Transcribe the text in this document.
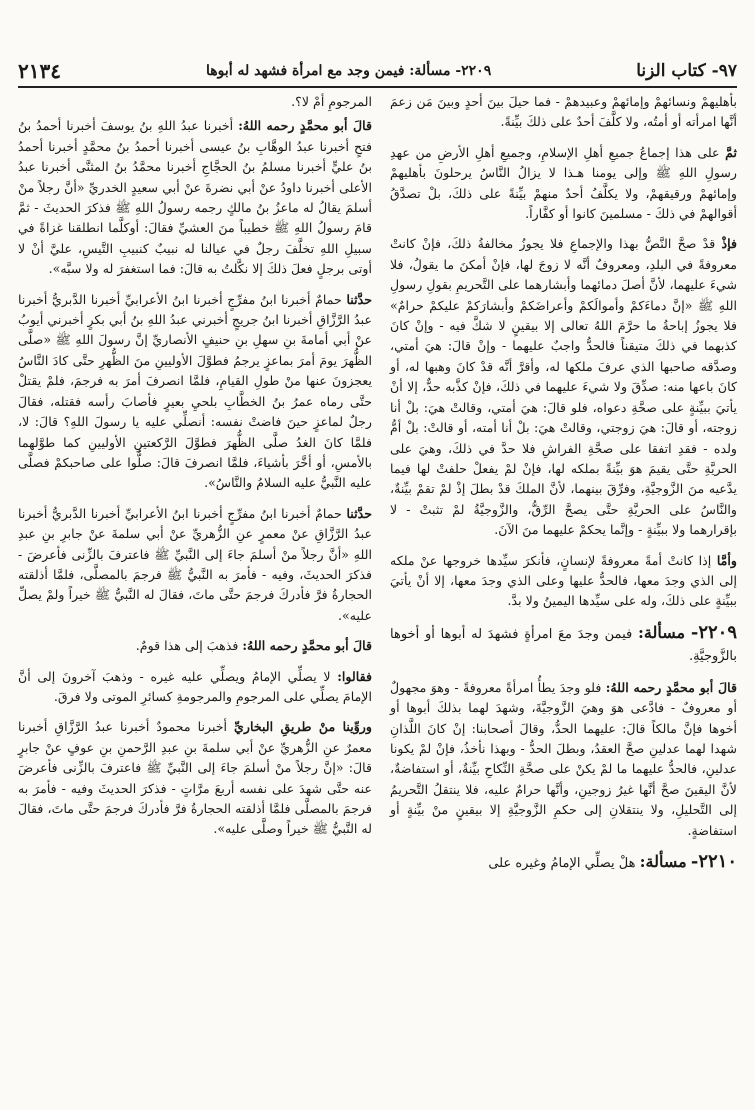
٩٧- كتاب الزنا
٢٢٠٩- مسألة: فيمن وجد مع امرأة فشهد له أبوها
٢١٣٤

بأهليهمْ ونسائهمْ وإمائهمْ وعبيدهمْ - فما حيلَ بينَ أحدٍ وبينَ مَن زعمَ أنَّها امرأته أو أمتُه، ولا كلَّفَ أحدٌ على ذلكَ بيِّنةً.

ثمَّ على هذا إجماعُ جميعِ أهلِ الإسلامِ، وجميعِ أهلِ الأرضِ من عهدِ رسولِ اللهِ ﷺ وإلى يومنا هـذا لا يزالُ النَّاسُ يرحلونَ بأهليهمْ وإمائهمْ ورقيقهمْ، ولا يكلَّفُ أحدٌ منهمْ بيِّنةً على ذلكَ، بلْ تصدَّقُ أقوالهمْ في ذلكَ - مسلمينَ كانوا أو كفَّاراً.

فإذْ قدْ صحَّ النَّصُّ بهذا والإجماعِ فلا يجوزُ مخالفةُ ذلكَ، فإنْ كانتْ معروفةً في البلدِ، ومعروفٌ أنَّه لا زوجَ لها، فإنْ أمكنَ ما يقولُ، فلا شيءَ عليهما، لأنَّ أصلَ دمائهما وأبشارهما على التَّحريمِ بقولِ رسولِ اللهِ ﷺ «إنَّ دماءَكمْ وأموالَكمْ وأعراضَكمْ وأبشارَكمْ عليكمْ حرامٌ» فلا يجوزُ إباحةُ ما حرَّمَ اللهُ تعالى إلا بيقينٍ لا شكَّ فيه - وإنْ كانَ كذبهما في ذلكَ متيقناً فالحدُّ واجبٌ عليهما - وإنْ قالَ: هيَ أمتي، وصدَّقه صاحبها الذي عرفَ ملكها له، وأقرَّ أنَّه قدْ كانَ وهبها له، أو كانَ باعها منه: صدِّقَ ولا شيءَ عليهما في ذلكَ، فإنْ كذَّبه حدٌّ، إلا أنْ يأتيَ ببيِّنةٍ على صحَّةِ دعواه، فلو قالَ: هيَ أمتي، وقالتْ هيَ: بلْ أنا زوجته، أو قالَ: هيَ زوجتي، وقالتْ هيَ: بلْ أنا أمته، أو قالتْ: بلْ أمُّ ولده - فقدِ اتفقا على صحَّةِ الفراشِ فلا حدَّ في ذلكَ، وهيَ على الحريَّةِ حتَّى يقيمَ هوَ بيِّنةً بملكه لها، فإنْ لمْ يفعلْ حلفتْ لها فيما يدَّعيه منَ الزَّوجيَّةِ، وفرِّقَ بينهما، لأنَّ الملكَ قدْ بطلَ إذْ لمْ تقمْ بيِّنةٌ، والنَّاسُ على الحريَّةِ حتَّى يصحَّ الرِّقُّ، والزَّوجيَّةُ لمْ تثبتْ - لا بإقرارهما ولا ببيِّنةٍ - وإنَّما يحكمْ عليهما منَ الآنَ.

وأمَّا إذا كانتْ أمةً معروفةً لإنسانٍ، فأنكرَ سيِّدها خروجها عنْ ملكه إلى الذي وجدَ معها، فالحدُّ عليها وعلى الذي وجدَ معها، إلا أنْ يأتيَ ببيِّنةٍ على ذلكَ، وله على سيِّدها اليمينُ ولا بدَّ.

٢٢٠٩- مسألة: فيمن وجدَ معَ امرأةٍ فشهدَ له أبوها أو أخوها بالزَّوجيَّةِ.

قالَ أبو محمَّدٍ رحمه اللهُ: فلو وجدَ يطأُ امرأةً معروفةً - وهوَ مجهولٌ أو معروفٌ - فادَّعى هوَ وهيَ الزَّوجيَّةَ، وشهدَ لهما بذلكَ أبوها أو أخوها فإنَّ مالكاً قالَ: عليهما الحدُّ، وقالَ أصحابنا: إنْ كانَ اللَّذانِ شهدا لهما عدلينِ صحَّ العقدُ، وبطلَ الحدُّ - وبهذا نأخذُ، فإنْ لمْ يكونا عدلينِ، فالحدُّ عليهما ما لمْ يكنْ على صحَّةِ النِّكاحِ بيِّنةٌ، أو استفاضةٌ، لأنَّ اليقينَ صحَّ أنَّها غيرُ زوجينِ، وأنَّها حرامٌ عليه، فلا ينتقلُ التَّحريمُ إلى التَّحليلِ، ولا ينتقلانِ إلى حكمِ الزَّوجيَّةِ إلا بيقينٍ منْ بيِّنةٍ أو استفاضةٍ.

٢٢١٠- مسألة: هلْ يصلِّي الإمامُ وغيره على

المرجومِ أمْ لا؟.

قالَ أبو محمَّدٍ رحمه اللهُ: أخبرنا عبدُ اللهِ بنُ يوسفَ أخبرنا أحمدُ بنُ فتحٍ أخبرنا عبدُ الوهَّابِ بنُ عيسى أخبرنا أحمدُ بنُ محمَّدٍ أخبرنا أحمدُ بنُ عليٍّ أخبرنا مسلمُ بنُ الحجَّاجِ أخبرنا محمَّدُ بنُ المثنَّى أخبرنا عبدُ الأعلى أخبرنا داودُ عنْ أبي نضرةَ عنْ أبي سعيدٍ الخدريِّ «أنَّ رجلاً منْ أسلمَ يقالُ له ماعزُ بنُ مالكٍ رجمه رسولُ اللهِ ﷺ فذكرَ الحديثَ - ثمَّ قامَ رسولُ اللهِ ﷺ خطيباً منَ العشيِّ فقالَ: أوكلَّما انطلقنا غزاةً في سبيلِ اللهِ تخلَّفَ رجلٌ في عيالنا له نبيبٌ كنبيبِ التَّيسِ، عليَّ أنْ لا أوتى برجلٍ فعلَ ذلكَ إلا نكَّلتُ به قالَ: فما استغفرَ له ولا سبَّه».

حدَّثنا حمامٌ أخبرنا ابنُ مفرِّجٍ أخبرنا ابنُ الأعرابيِّ أخبرنا الدَّبريُّ أخبرنا عبدُ الرَّزَّاقِ أخبرنا ابنُ جريجٍ أخبرني عبدُ اللهِ بنُ أبي بكرٍ أخبرني أيوبُ عنْ أبي أمامةَ بنِ سهلِ بنِ حنيفٍ الأنصاريِّ إنَّ رسولَ اللهِ ﷺ «صلَّى الظُّهرَ يومَ أمرَ بماعزٍ يرجمُ فطوَّلَ الأوليينِ منَ الظُّهرِ حتَّى كادَ النَّاسُ يعجزونَ عنها منْ طولِ القيامِ، فلمَّا انصرفَ أمرَ به فرجمَ، فلمْ يقتلْ حتَّى رماه عمرُ بنُ الخطَّابِ بلحيِ بعيرٍ فأصابَ رأسه فقتله، فقالَ رجلٌ لماعزٍ حينَ فاضتْ نفسه: أنصلِّي عليه يا رسولَ اللهِ؟ قالَ: لا، فلمَّا كانَ الغدُ صلَّى الظُّهرَ فطوَّلَ الرَّكعتينِ الأوليينِ كما طوَّلهما بالأمسِ، أو أخَّرَ بأشياءَ، فلمَّا انصرفَ قالَ: صلُّوا على صاحبكمْ فصلَّى عليه النَّبيُّ عليه السلامُ والنَّاسُ».

حدَّثنا حمامٌ أخبرنا ابنُ مفرِّجٍ أخبرنا ابنُ الأعرابيِّ أخبرنا الدَّبريُّ أخبرنا عبدُ الرَّزَّاقِ عنْ معمرٍ عنِ الزُّهريِّ عنْ أبي سلمةَ عنْ جابرِ بنِ عبدِ اللهِ «أنَّ رجلاً منْ أسلمَ جاءَ إلى النَّبيِّ ﷺ فاعترفَ بالزِّنى فأعرضَ - فذكرَ الحديثَ، وفيه - فأمرَ به النَّبيُّ ﷺ فرجمَ بالمصلَّى، فلمَّا أذلقته الحجارةُ فرَّ فأدركَ فرجمَ حتَّى ماتَ، فقالَ له النَّبيُّ ﷺ خيراً ولمْ يصلِّ عليه».

قالَ أبو محمَّدٍ رحمه اللهُ: فذهبَ إلى هذا قومٌ.

فقالوا: لا يصلِّي الإمامُ ويصلِّي عليه غيره - وذهبَ آخرونَ إلى أنَّ الإمامَ يصلِّي على المرجومِ والمرجومةِ كسائرِ الموتى ولا فرقَ.

وروِّينا منْ طريقِ البخاريِّ أخبرنا محمودٌ أخبرنا عبدُ الرَّزَّاقِ أخبرنا معمرٌ عنِ الزُّهريِّ عنْ أبي سلمةَ بنِ عبدِ الرَّحمنِ بنِ عوفٍ عنْ جابرٍ قالَ: «إنَّ رجلاً منْ أسلمَ جاءَ إلى النَّبيِّ ﷺ فاعترفَ بالزِّنى فأعرضَ عنه حتَّى شهدَ على نفسه أربعَ مرَّاتٍ - فذكرَ الحديثَ وفيه - فأمرَ به فرجمَ بالمصلَّى فلمَّا أذلقته الحجارةُ فرَّ فأدركَ فرجمَ حتَّى ماتَ، فقالَ له النَّبيُّ ﷺ خيراً وصلَّى عليه».
